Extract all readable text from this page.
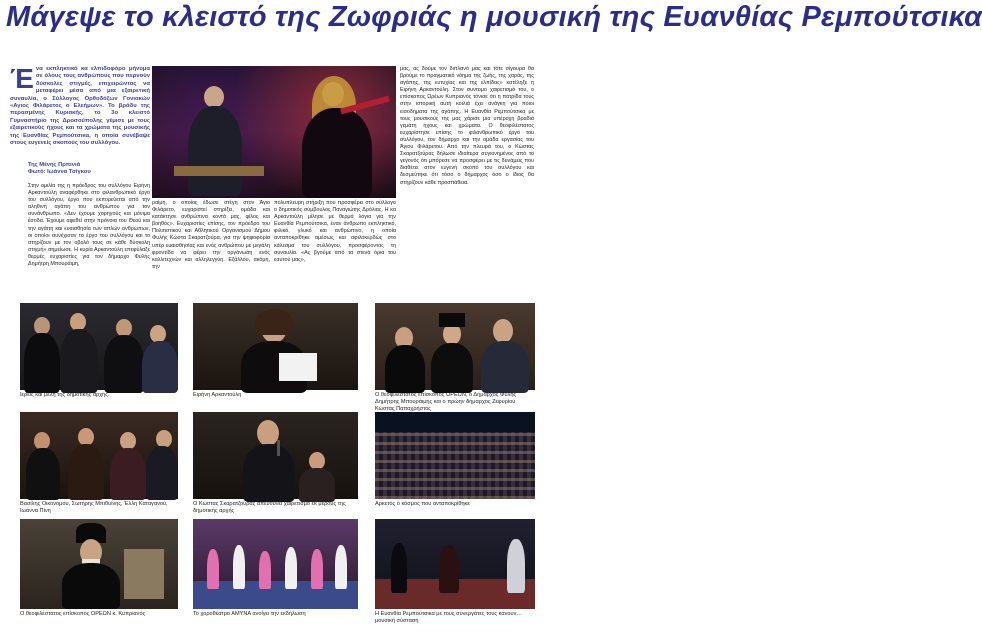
Μάγεψε το κλειστό της Ζωφριάς η μουσική της Ευανθίας Ρεμπούτσικα
Ένα εκπληκτικό κα ελπιδοφόρο μήνυμα σε όλους τους ανθρώπους που περνούν δύσκολες στιγμές, επιχειρώντας να μεταφέρει μέσα από μια εξαιρετική συναυλία, ο Σύλλογος Ορθοδόξων Γονιακών «Αγιος Φιλάρετος ο Ελεήμων». Το βράδυ της περασμένης Κυριακής, το 3ο κλειστό Γυμναστήριο της Δροσούπολης γέμισε με τους εξαιρετικούς ήχους και τα χρώματα της μουσικής της Ευανθίας Ρεμπούτσικα, η οποία συνέβαψε στους ευγενείς σκοπούς του συλλόγου.
Της Μένης Πρπινιά
Φωτό: Ιωάννα Τσίγκου
Στην ομιλία της η πρόεδρος του συλλόγου Ειρήνη Αρκαντούλη αναφέρθηκε στο φιλανθρωπικό έργο του συλλόγου, έργο που εκπορεύεται από την αληθινή αγάπη του ανθρώπου για τον συνάνθρωπο. «Δεν έχουμε χορηγούς και μόνιμα έσοδα. Έχουμε αφεθεί στην πρόνοια του Θεού και την αγάπη και ευαισθησία των απλών ανθρώπων, οι οποίοι συνέχισαν το έργο του συλλόγου και το στηρίζουν με τον οβολό τους σε κάθε δύσκολη στιγμή» σημείωσε. Η κυρία Αρκαντούλη επεφύλαξε θερμές ευχαριστίες για τον δήμαρχο Φυλής Δημήτρη Μπουράιμη,
ραίμη, ο οποίος έδωσε στέγη στον Άγιο Φιλάρετο, ευχαριστεί στηρίξει, ομάδα και κατάκτησε ανθρώπινα κοντά μας, φίλος και βοηθός». Ευχαριστίες επίσης, τον πρόεδρο του Πολιτιστικού και Αθλητικού Οργανισμού Δήμου Φυλής Κώστα Σκαρατζούρα, για την ψηφοφορία υπέρ ευαισθησίας και ενός ανθρώπου με μεγάλη φροντίδα να φέρει την οργάνωση ενός καλλιτεχνών και αλληλεγγύη. Εξάλλου, ακόμη, την
πολυπλευρη στήριξη που προσφέρει στο σύλλογο ο δημοτικός σύμβουλος Παναγιώτης Δρόλιας. Η κα Αρκαντούλη μίλησε με θερμά λόγια για την Ευανθία Ρεμπούτσικα, έναν άνθρωπο εκπληκτικό, φιλικό, γλυκό και ανθρώπινο, η οποία ανταποκρίθηκε αμέσως και αφιλοκερδώς στο κάλεσμα του συλλόγου, προσφέροντας τη συναυλία. «Ας βγούμε από τα στενά όρια του εαυτού μας»,
μας, ας δούμε τον διπλανό μας και τότε σίγουρα θα βρούμε το πραγματικό νόημα της ζωής, της χαράς, της αγάπης, της ευτυχίας και της ελπίδας» κατέληξε η Ειρήνη Αρκαντούλη. Στον συντομο χαιρετισμό του, ο επίσκοπος Ωρέων Κυπριανός τόνισε ότι η πατρίδα τους στην ιστορική αυτή κοιλιά έχει ανάγκη για ποιοι εισοδήματα της αγάπης. Η Ευανθία Ρεμπούτσικα με τους μουσικούς της μας χάρισε μια υπέροχη βραδιά γεμάτη ήχους και χρώματα. Ο θεοφιλέστατος ευχαρίστησε επίσης το φιλανθρωπικό έργο του συλλόγου, τον δήμαρχο και την ομάδα εργασίας του Άγιου Φιλάρετου. Από την πλευρά του, ο Κώστας Σκαρατζούρας δήλωσε ιδιαίτερα συγκινημένος από το γεγονός ότι μπόρεσε να προσφέρει με τις δυνάμεις που διαθέτει στον ευγενή σκοπό του συλλόγου και δεσμεύτηκε ότι τόσο ο δήμαρχος όσο ο ίδιος θα στηρίζουν κάθε προσπάθεια.
Ιερείς και μέλη της δημοτικής αρχής.	Ειρήνη Αρκαντούλη	Ο θεοφιλέστατος επίσκοπος ΩΡΕΩΝ, ο Δήμαρχος Φυλής Δημήτρης Μπουράιμης και ο πρώην δήμαρχος Ζεφυρίου Κώστας Παπαχρήστος
Βασίλης Οικονόμου, Σωτήρης Μπιθυίνης, Έλλη Καταγανού, Ιωάννα Πίνη
Ο Κώστας Σκαρατζούρας απευθύνει χαιρετισμό εκ μέρους της δημοτικής αρχής
Αρκετός ο κόσμος που ανταποκρίθηκε
Ο θεοφιλέστατος επίσκοπος ΩΡΕΩΝ κ. Κυπριανός	Το χοροθέατρο ΑΜΥΝΑ ανοίγει την εκδήλωση	Η Ευανθία Ρεμπούτσικα με τους συνεργάτες τους κάνουν… μουσική σύσταση
